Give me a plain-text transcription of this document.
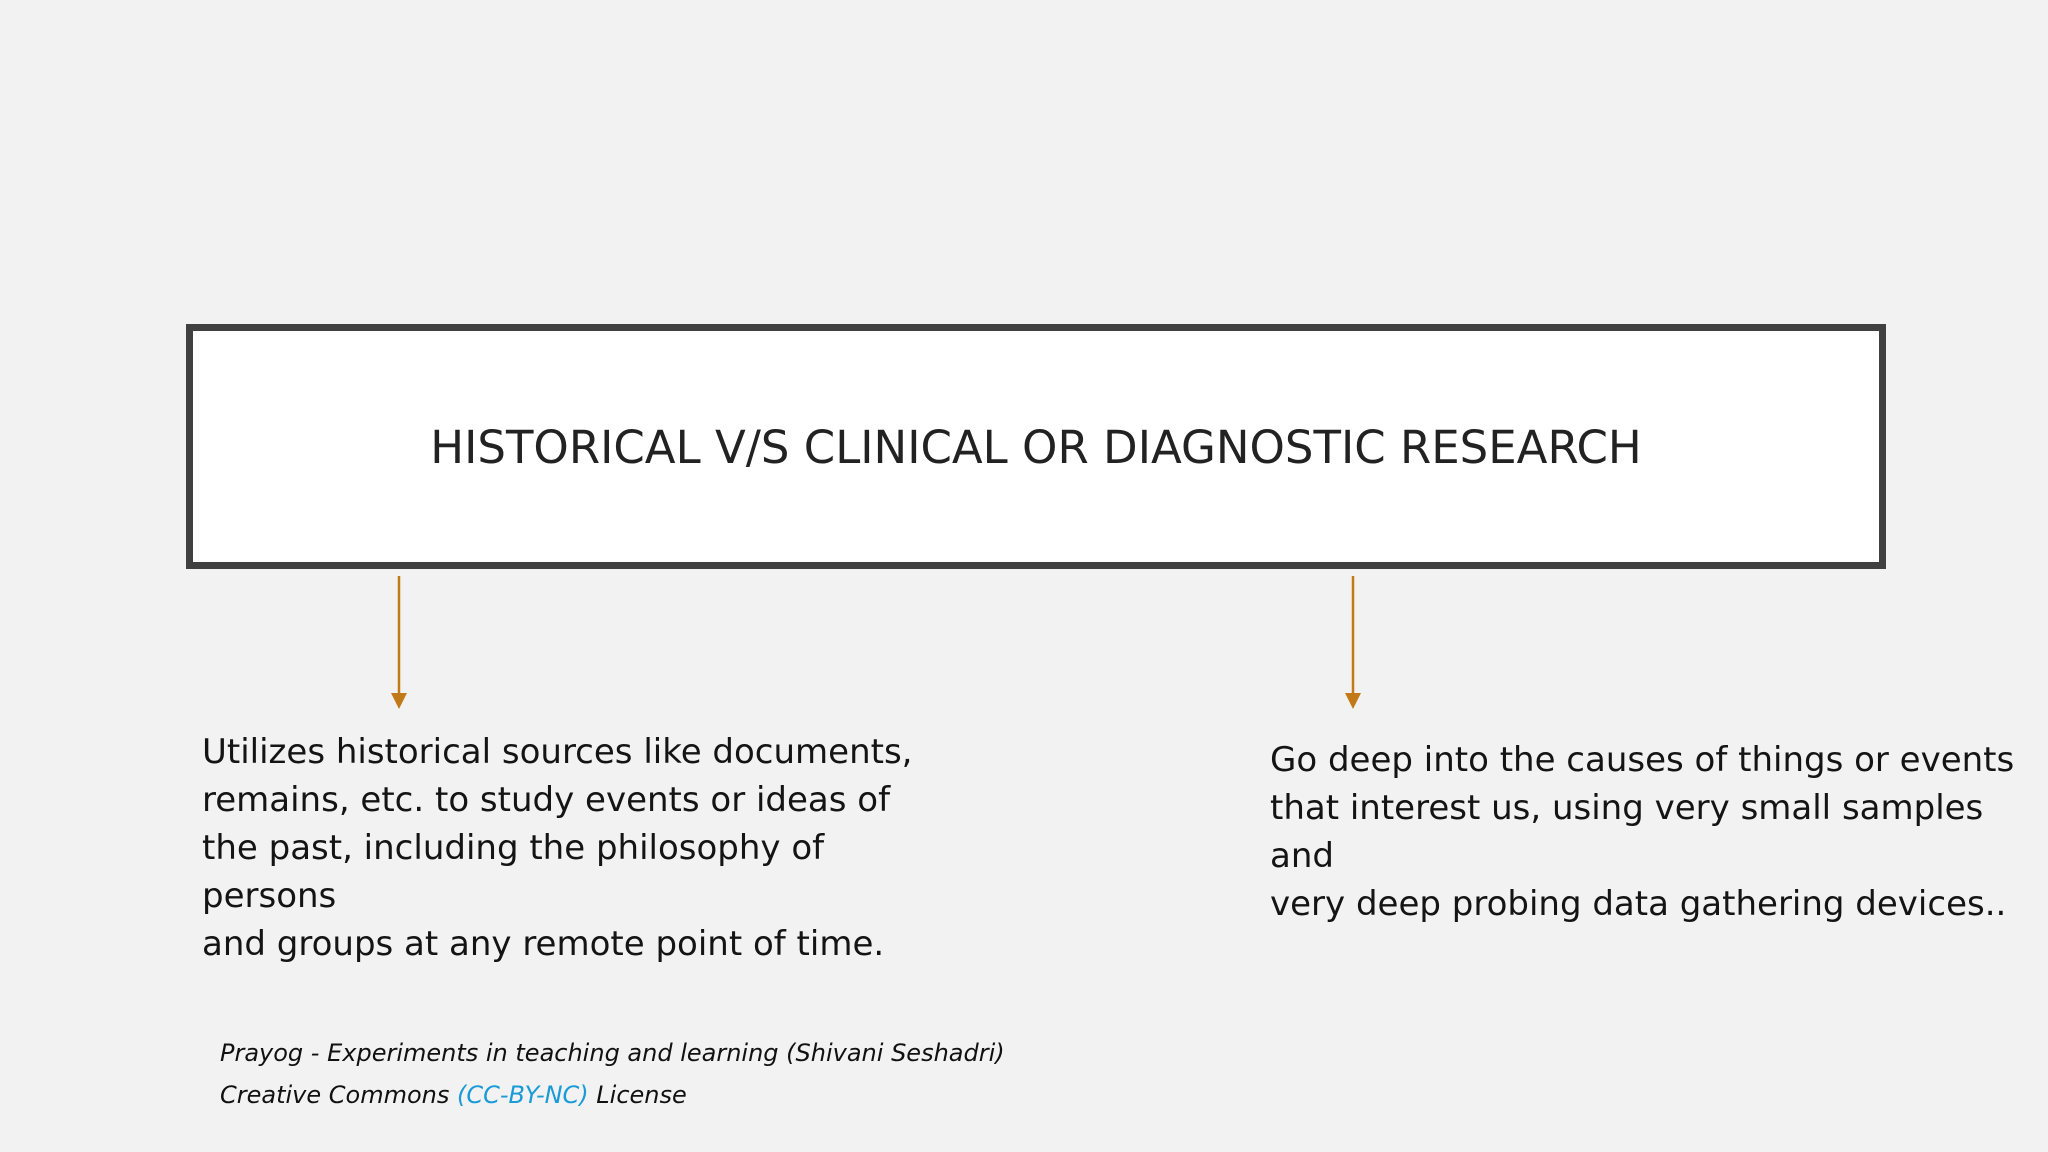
HISTORICAL V/S CLINICAL OR DIAGNOSTIC RESEARCH
Utilizes historical sources like documents,
remains, etc. to study events or ideas of
the past, including the philosophy of persons
and groups at any remote point of time.
Go deep into the causes of things or events
that interest us, using very small samples and
very deep probing data gathering devices..
Prayog - Experiments in teaching and learning (Shivani Seshadri)
Creative Commons (CC-BY-NC) License
